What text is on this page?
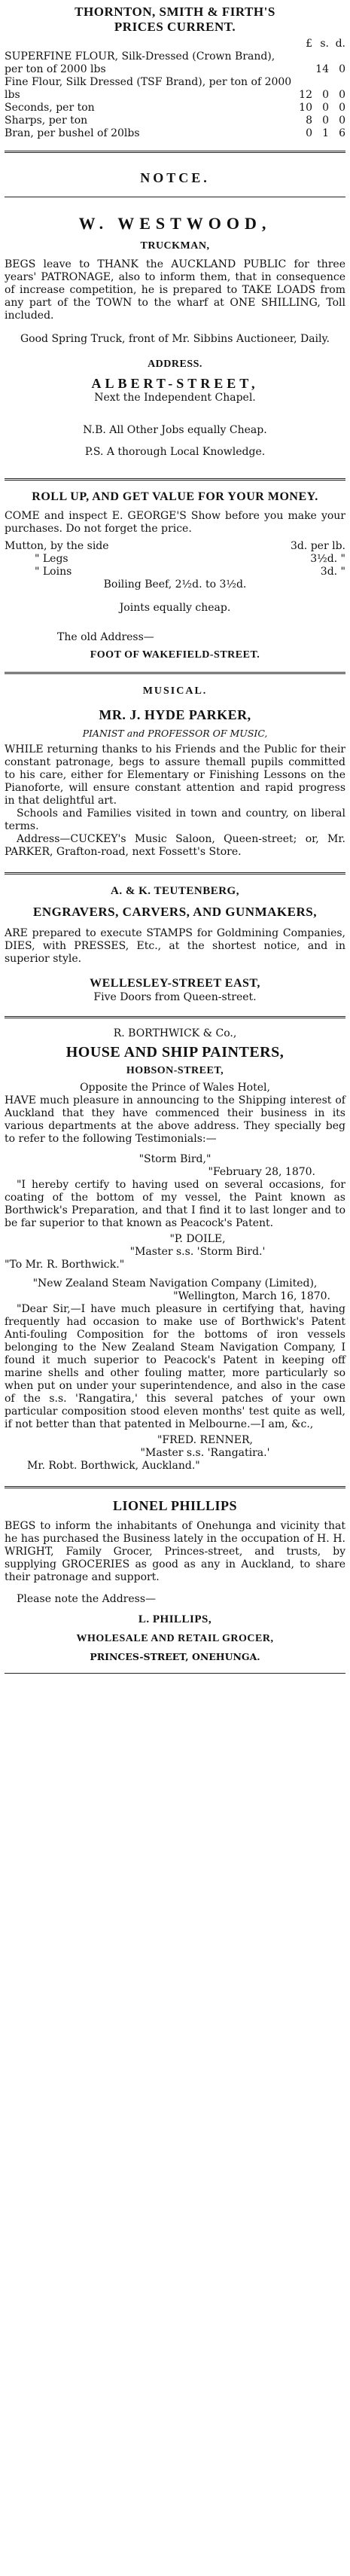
THORNTON, SMITH & FIRTH'S
PRICES CURRENT.
	£	s.	d.
SUPERFINE FLOUR, Silk-Dressed (Crown Brand), per ton of 2000 lbs		14	0
Fine Flour, Silk Dressed (TSF Brand), per ton of 2000 lbs	12	0	0
Seconds, per ton	10	0	0
Sharps, per ton	8	0	0
Bran, per bushel of 20lbs	0	1	6
NOTCE.
W. WESTWOOD,
TRUCKMAN,

BEGS leave to THANK the AUCKLAND PUBLIC for three years' PATRONAGE, also to inform them, that in consequence of increase competition, he is prepared to TAKE LOADS from any part of the TOWN to the wharf at ONE SHILLING, Toll included.

Good Spring Truck, front of Mr. Sibbins Auctioneer, Daily.

ADDRESS.
ALBERT-STREET,
Next the Independent Chapel.

N.B. All Other Jobs equally Cheap.

P.S. A thorough Local Knowledge.

ROLL UP, AND GET VALUE FOR YOUR MONEY.

COME and inspect E. GEORGE'S Show before you make your purchases. Do not forget the price.

Mutton, by the side	3d. per lb.
" Legs	3½d. "
" Loins	3d. "
Boiling Beef, 2½d. to 3½d.	

Joints equally cheap.

The old Address—

FOOT OF WAKEFIELD-STREET.
MUSICAL.
MR. J. HYDE PARKER,
PIANIST and PROFESSOR OF MUSIC,

WHILE returning thanks to his Friends and the Public for their constant patronage, begs to assure themall pupils committed to his care, either for Elementary or Finishing Lessons on the Pianoforte, will ensure constant attention and rapid progress in that delightful art.

Schools and Families visited in town and country, on liberal terms.

Address—CUCKEY's Music Saloon, Queen-street; or, Mr. PARKER, Grafton-road, next Fossett's Store.

A. & K. TEUTENBERG,
ENGRAVERS, CARVERS, AND GUNMAKERS,

ARE prepared to execute STAMPS for Goldmining Companies, DIES, with PRESSES, Etc., at the shortest notice, and in superior style.

WELLESLEY-STREET EAST,
Five Doors from Queen-street.
R. BORTHWICK & Co.,
HOUSE AND SHIP PAINTERS,
HOBSON-STREET,
Opposite the Prince of Wales Hotel,

HAVE much pleasure in announcing to the Shipping interest of Auckland that they have commenced their business in its various departments at the above address. They specially beg to refer to the following Testimonials:—

"Storm Bird,"
"February 28, 1870.

"I hereby certify to having used on several occasions, for coating of the bottom of my vessel, the Paint known as Borthwick's Preparation, and that I find it to last longer and to be far superior to that known as Peacock's Patent.

"P. DOILE,
"Master s.s. 'Storm Bird.'
"To Mr. R. Borthwick."
"New Zealand Steam Navigation Company (Limited),
"Wellington, March 16, 1870.

"Dear Sir,—I have much pleasure in certifying that, having frequently had occasion to make use of Borthwick's Patent Anti-fouling Composition for the bottoms of iron vessels belonging to the New Zealand Steam Navigation Company, I found it much superior to Peacock's Patent in keeping off marine shells and other fouling matter, more particularly so when put on under your superintendence, and also in the case of the s.s. 'Rangatira,' this several patches of your own particular composition stood eleven months' test quite as well, if not better than that patented in Melbourne.—I am, &c.,

"FRED. RENNER,
"Master s.s. 'Rangatira.'
Mr. Robt. Borthwick, Auckland."
LIONEL PHILLIPS

BEGS to inform the inhabitants of Onehunga and vicinity that he has purchased the Business lately in the occupation of H. H. WRIGHT, Family Grocer, Princes-street, and trusts, by supplying GROCERIES as good as any in Auckland, to share their patronage and support.

Please note the Address—

L. PHILLIPS,
WHOLESALE AND RETAIL GROCER,
PRINCES-STREET, ONEHUNGA.
